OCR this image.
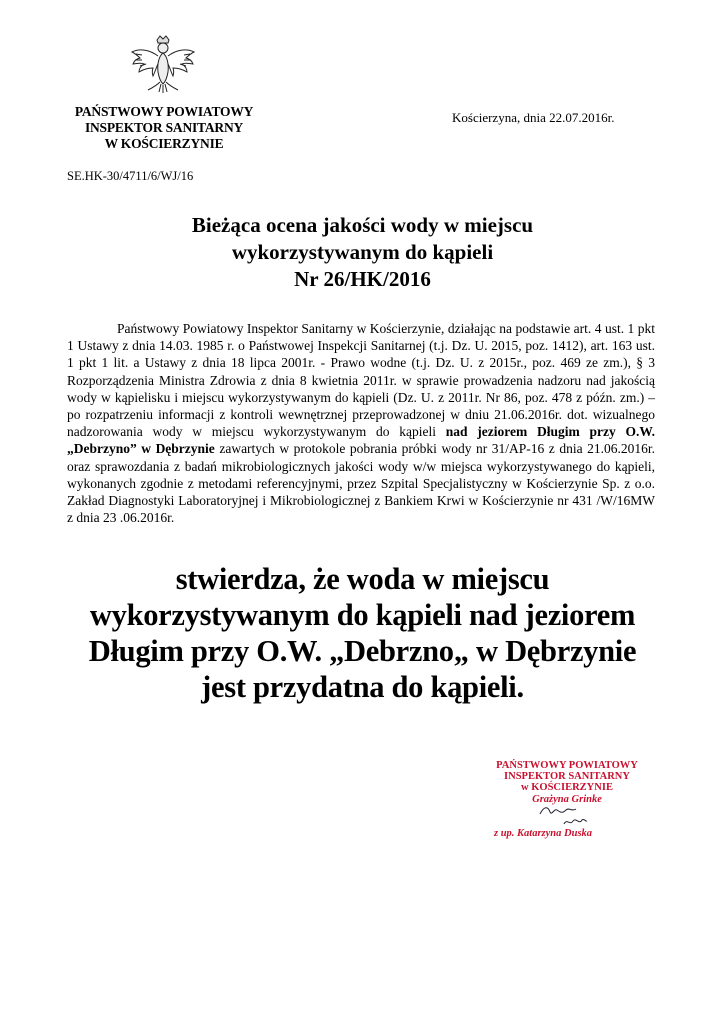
PAŃSTWOWY POWIATOWY
INSPEKTOR SANITARNY
W KOŚCIERZYNIE
Kościerzyna, dnia 22.07.2016r.
SE.HK-30/4711/6/WJ/16
Bieżąca ocena jakości wody w miejscu
wykorzystywanym do kąpieli
Nr 26/HK/2016

Państwowy Powiatowy Inspektor Sanitarny w Kościerzynie, działając na podstawie art. 4 ust. 1 pkt 1 Ustawy z dnia 14.03. 1985 r. o Państwowej Inspekcji Sanitarnej (t.j. Dz. U. 2015, poz. 1412), art. 163 ust. 1 pkt 1 lit. a Ustawy z dnia 18 lipca 2001r. - Prawo wodne (t.j. Dz. U. z 2015r., poz. 469 ze zm.), § 3 Rozporządzenia Ministra Zdrowia z dnia 8 kwietnia 2011r. w sprawie prowadzenia nadzoru nad jakością wody w kąpielisku i miejscu wykorzystywanym do kąpieli (Dz. U. z 2011r. Nr 86, poz. 478 z późn. zm.) – po rozpatrzeniu informacji z kontroli wewnętrznej przeprowadzonej w dniu 21.06.2016r. dot. wizualnego nadzorowania wody w miejscu wykorzystywanym do kąpieli nad jeziorem Długim przy O.W. „Debrzyno” w Dębrzynie zawartych w protokole pobrania próbki wody nr 31/AP-16 z dnia 21.06.2016r. oraz sprawozdania z badań mikrobiologicznych jakości wody w/w miejsca wykorzystywanego do kąpieli, wykonanych zgodnie z metodami referencyjnymi, przez Szpital Specjalistyczny w Kościerzynie Sp. z o.o. Zakład Diagnostyki Laboratoryjnej i Mikrobiologicznej z Bankiem Krwi w Kościerzynie nr 431 /W/16MW z dnia 23 .06.2016r.

stwierdza, że woda w miejscu
wykorzystywanym do kąpieli nad jeziorem
Długim przy O.W. „Debrzno„ w Dębrzynie
jest przydatna do kąpieli.
PAŃSTWOWY POWIATOWY
INSPEKTOR SANITARNY
w KOŚCIERZYNIE
Grażyna Grinke
z up. Katarzyna Duska
